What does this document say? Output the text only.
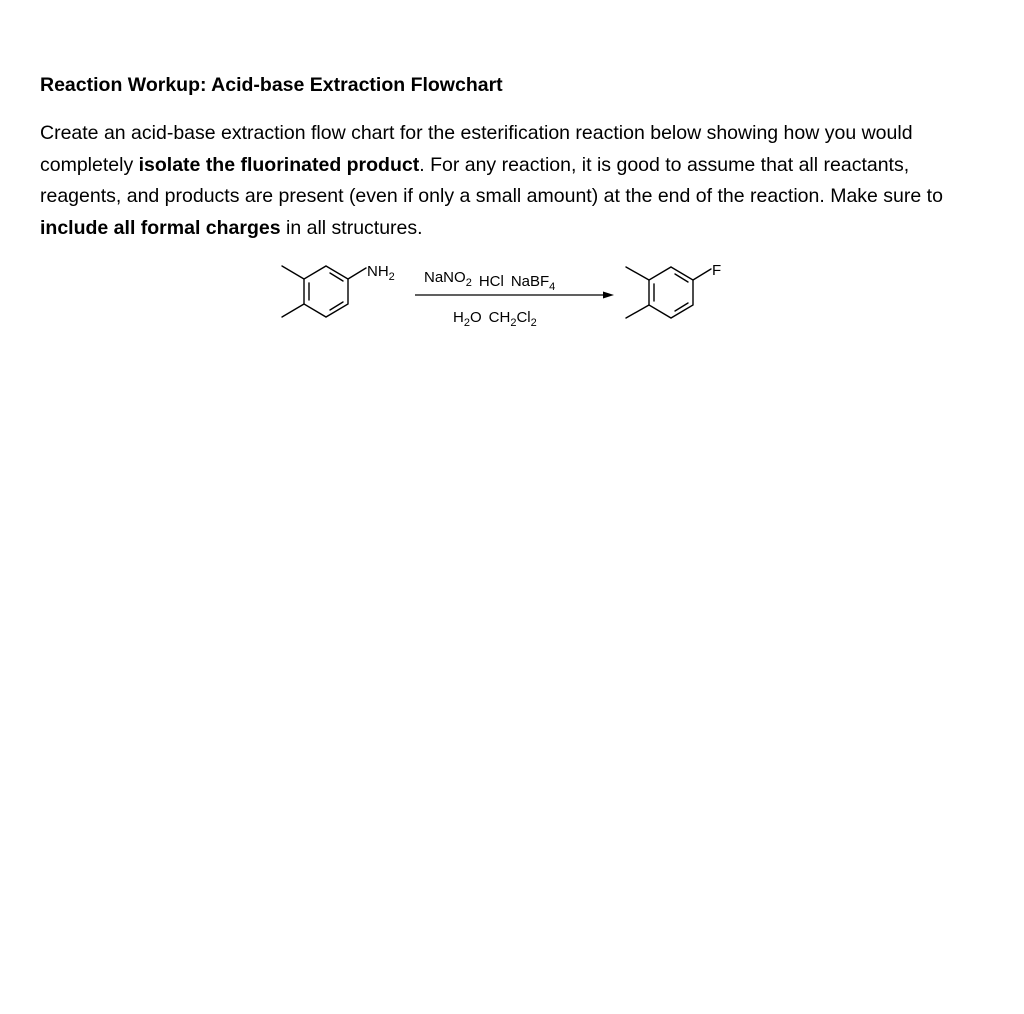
Reaction Workup: Acid-base Extraction Flowchart

Create an acid-base extraction flow chart for the esterification reaction below showing how you would completely isolate the fluorinated product. For any reaction, it is good to assume that all reactants, reagents, and products are present (even if only a small amount) at the end of the reaction. Make sure to include all formal charges in all structures.

$NH_2$ NaNO$_2$ HCl NaBF$_4$
$H_2O$ $CH_2Cl_2$
F
